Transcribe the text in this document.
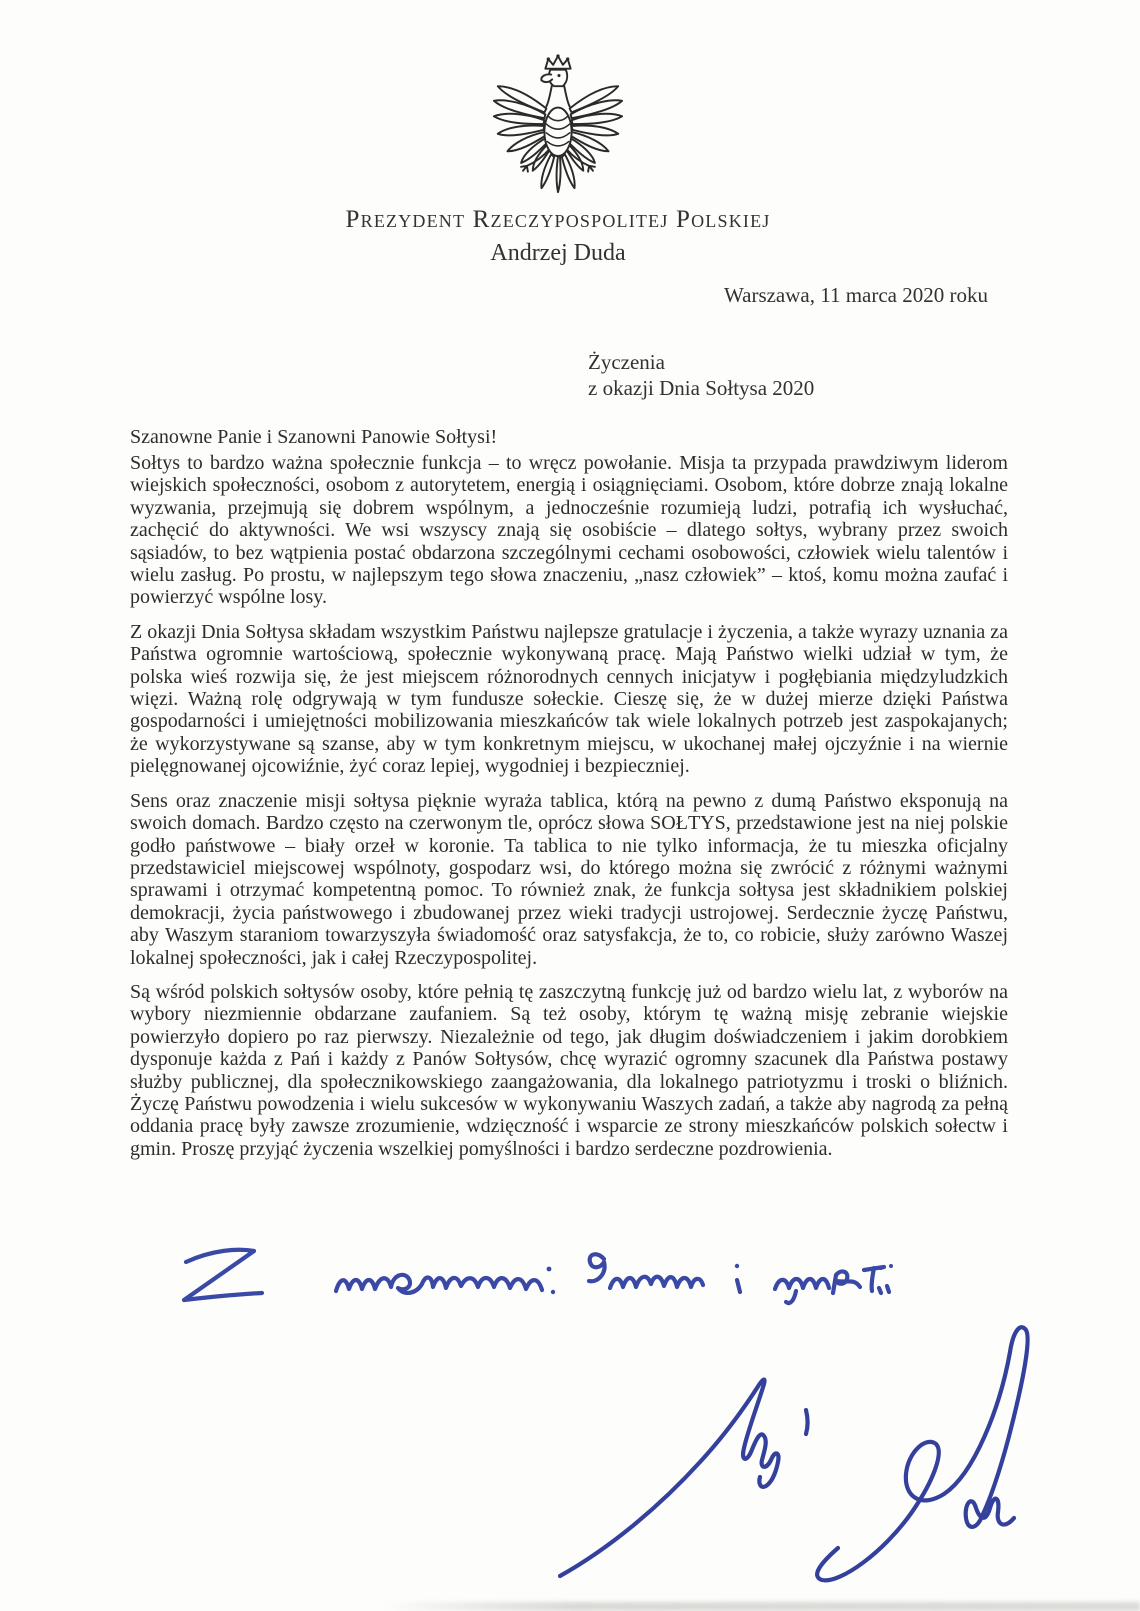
Prezydent Rzeczypospolitej Polskiej
Andrzej Duda
Warszawa, 11 marca 2020 roku
Życzenia
z okazji Dnia Sołtysa 2020
Szanowne Panie i Szanowni Panowie Sołtysi!

Sołtys to bardzo ważna społecznie funkcja – to wręcz powołanie. Misja ta przypada prawdziwym liderom wiejskich społeczności, osobom z autorytetem, energią i osiągnięciami. Osobom, które dobrze znają lokalne wyzwania, przejmują się dobrem wspólnym, a jednocześnie rozumieją ludzi, potrafią ich wysłuchać, zachęcić do aktywności. We wsi wszyscy znają się osobiście – dlatego sołtys, wybrany przez swoich sąsiadów, to bez wątpienia postać obdarzona szczególnymi cechami osobowości, człowiek wielu talentów i wielu zasług. Po prostu, w najlepszym tego słowa znaczeniu, „nasz człowiek” – ktoś, komu można zaufać i powierzyć wspólne losy.

Z okazji Dnia Sołtysa składam wszystkim Państwu najlepsze gratulacje i życzenia, a także wyrazy uznania za Państwa ogromnie wartościową, społecznie wykonywaną pracę. Mają Państwo wielki udział w tym, że polska wieś rozwija się, że jest miejscem różnorodnych cennych inicjatyw i pogłębiania międzyludzkich więzi. Ważną rolę odgrywają w tym fundusze sołeckie. Cieszę się, że w dużej mierze dzięki Państwa gospodarności i umiejętności mobilizowania mieszkańców tak wiele lokalnych potrzeb jest zaspokajanych; że wykorzystywane są szanse, aby w tym konkretnym miejscu, w ukochanej małej ojczyźnie i na wiernie pielęgnowanej ojcowiźnie, żyć coraz lepiej, wygodniej i bezpieczniej.

Sens oraz znaczenie misji sołtysa pięknie wyraża tablica, którą na pewno z dumą Państwo eksponują na swoich domach. Bardzo często na czerwonym tle, oprócz słowa SOŁTYS, przedstawione jest na niej polskie godło państwowe – biały orzeł w koronie. Ta tablica to nie tylko informacja, że tu mieszka oficjalny przedstawiciel miejscowej wspólnoty, gospodarz wsi, do którego można się zwrócić z różnymi ważnymi sprawami i otrzymać kompetentną pomoc. To również znak, że funkcja sołtysa jest składnikiem polskiej demokracji, życia państwowego i zbudowanej przez wieki tradycji ustrojowej. Serdecznie życzę Państwu, aby Waszym staraniom towarzyszyła świadomość oraz satysfakcja, że to, co robicie, służy zarówno Waszej lokalnej społeczności, jak i całej Rzeczypospolitej.

Są wśród polskich sołtysów osoby, które pełnią tę zaszczytną funkcję już od bardzo wielu lat, z wyborów na wybory niezmiennie obdarzane zaufaniem. Są też osoby, którym tę ważną misję zebranie wiejskie powierzyło dopiero po raz pierwszy. Niezależnie od tego, jak długim doświadczeniem i jakim dorobkiem dysponuje każda z Pań i każdy z Panów Sołtysów, chcę wyrazić ogromny szacunek dla Państwa postawy służby publicznej, dla społecznikowskiego zaangażowania, dla lokalnego patriotyzmu i troski o bliźnich. Życzę Państwu powodzenia i wielu sukcesów w wykonywaniu Waszych zadań, a także aby nagrodą za pełną oddania pracę były zawsze zrozumienie, wdzięczność i wsparcie ze strony mieszkańców polskich sołectw i gmin. Proszę przyjąć życzenia wszelkiej pomyślności i bardzo serdeczne pozdrowienia.
